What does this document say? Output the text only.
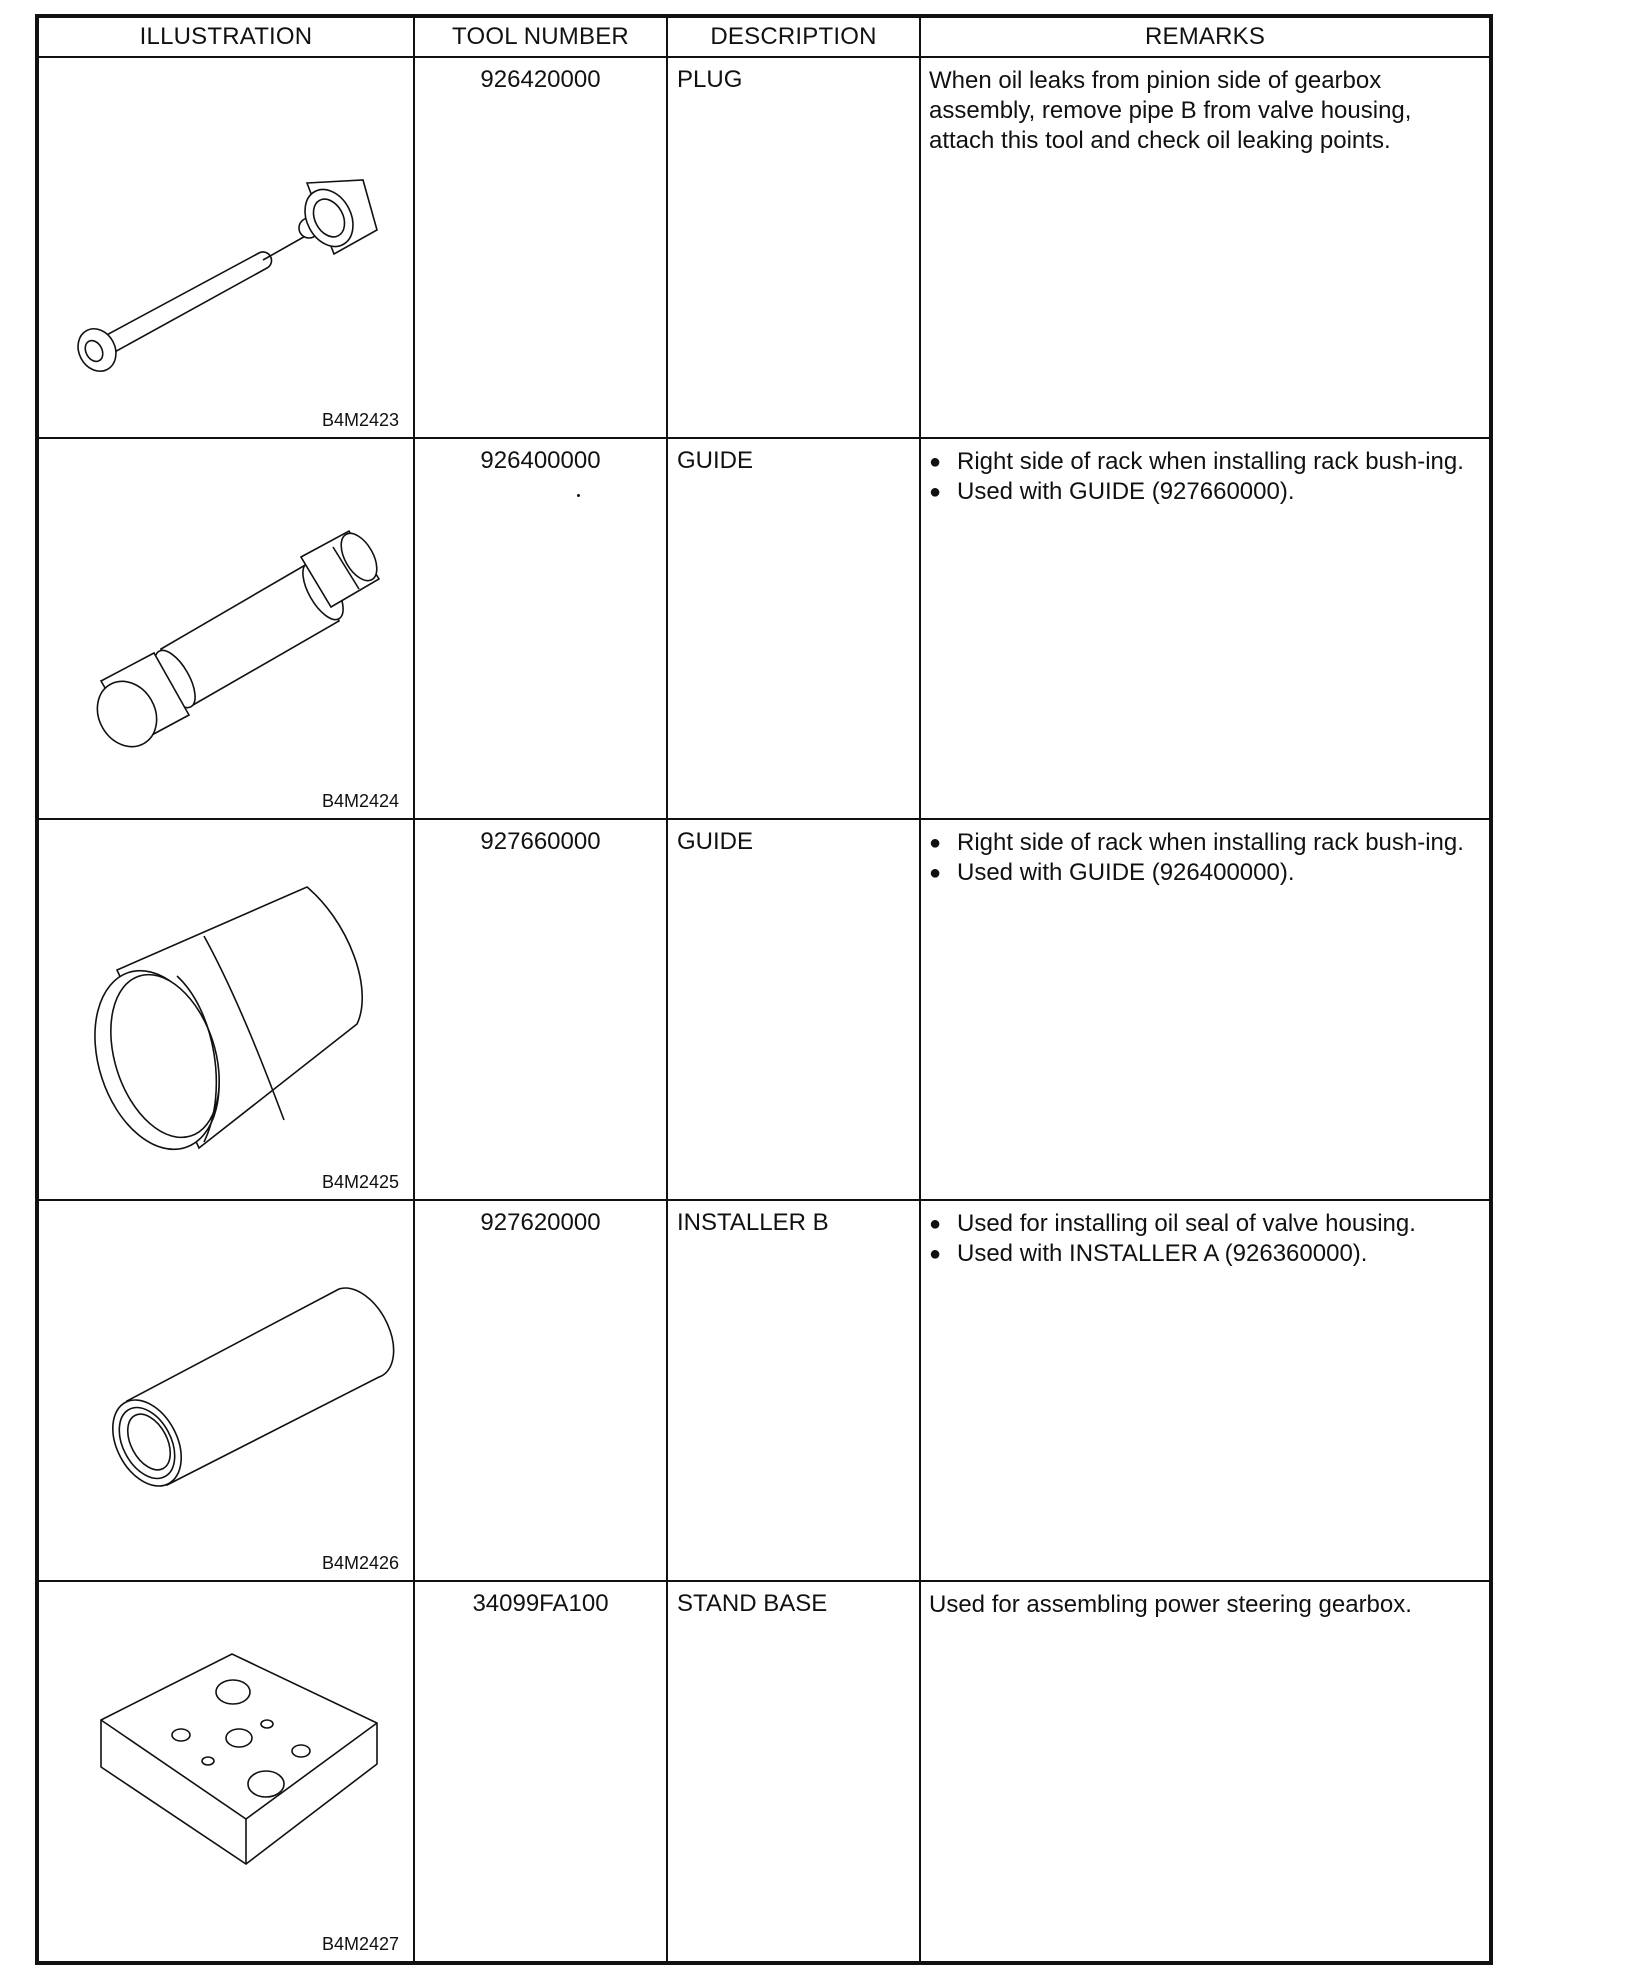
ILLUSTRATION	TOOL NUMBER	DESCRIPTION	REMARKS

B4M2423	926420000	PLUG	When oil leaks from pinion side of gearbox assembly, remove pipe B from valve housing, attach this tool and check oil leaking points.

B4M2424	926400000	GUIDE	● Right side of rack when installing rack bush-ing.
● Used with GUIDE (927660000).

B4M2425	927660000	GUIDE	● Right side of rack when installing rack bush-ing.
● Used with GUIDE (926400000).

B4M2426	927620000	INSTALLER B	● Used for installing oil seal of valve housing.
● Used with INSTALLER A (926360000).

B4M2427	34099FA100	STAND BASE	Used for assembling power steering gearbox.
